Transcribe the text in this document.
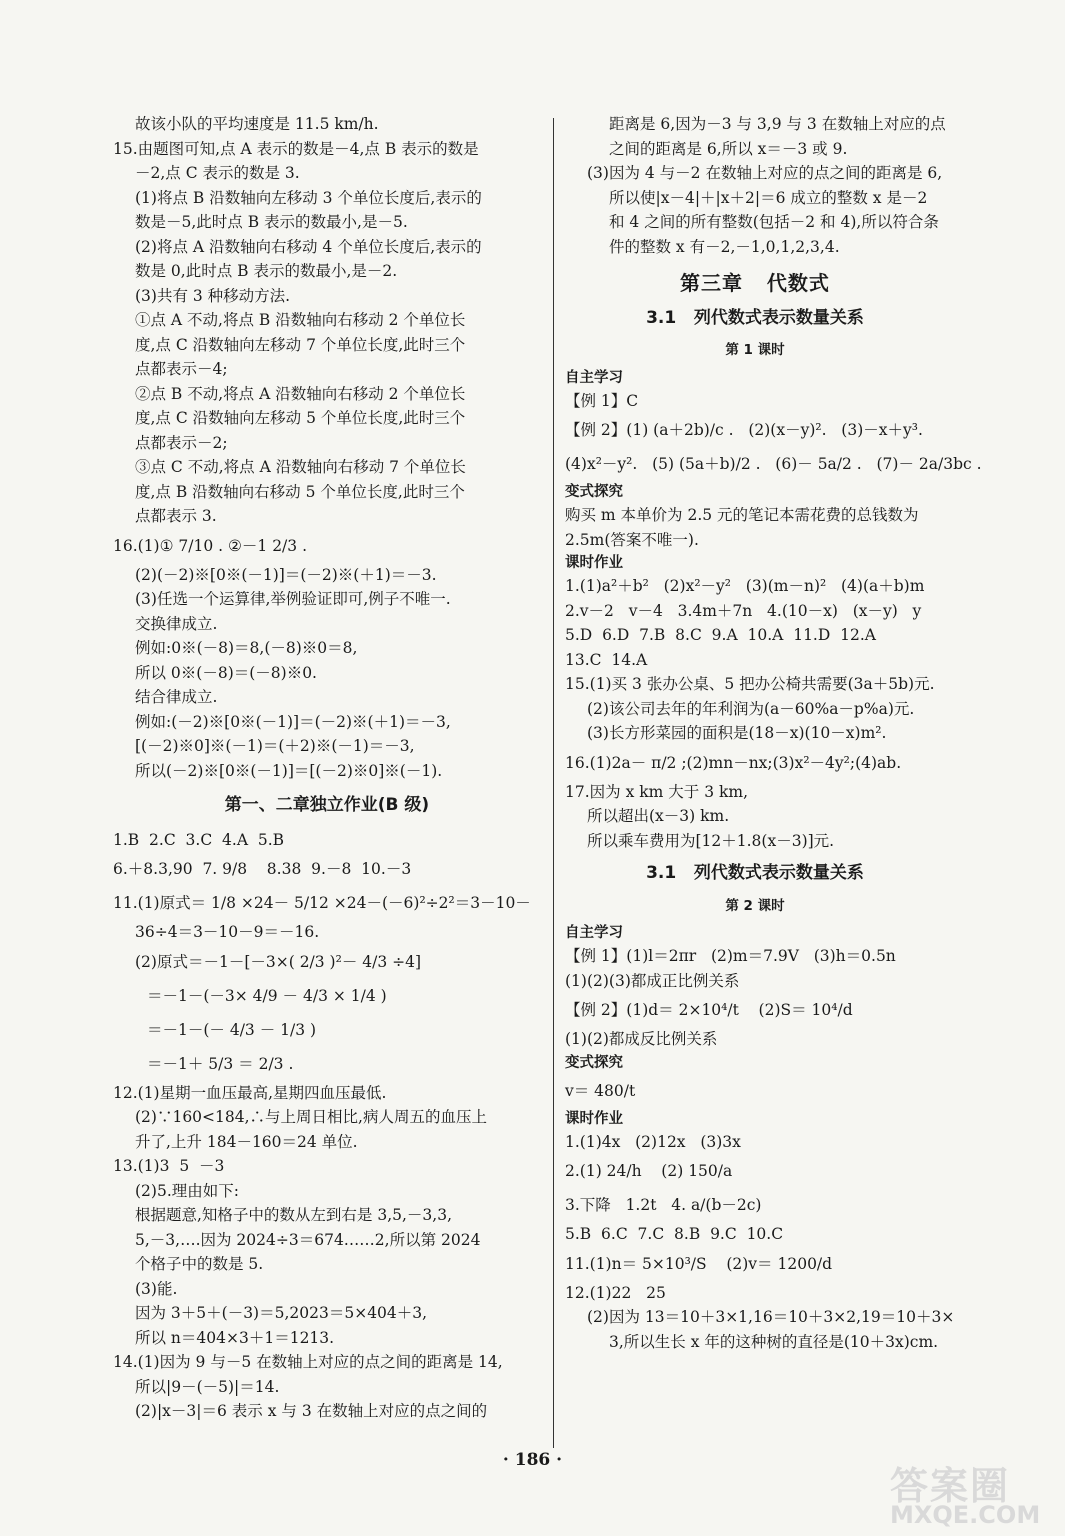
故该小队的平均速度是 11.5 km/h.
15.由题图可知,点 A 表示的数是－4,点 B 表示的数是
－2,点 C 表示的数是 3.
(1)将点 B 沿数轴向左移动 3 个单位长度后,表示的
数是－5,此时点 B 表示的数最小,是－5.
(2)将点 A 沿数轴向右移动 4 个单位长度后,表示的
数是 0,此时点 B 表示的数最小,是－2.
(3)共有 3 种移动方法.
①点 A 不动,将点 B 沿数轴向右移动 2 个单位长
度,点 C 沿数轴向左移动 7 个单位长度,此时三个
点都表示－4;
②点 B 不动,将点 A 沿数轴向右移动 2 个单位长
度,点 C 沿数轴向左移动 5 个单位长度,此时三个
点都表示－2;
③点 C 不动,将点 A 沿数轴向右移动 7 个单位长
度,点 B 沿数轴向右移动 5 个单位长度,此时三个
点都表示 3.
16.(1)① 7/10 . ②－1 2/3 .
(2)(－2)※[0※(－1)]＝(－2)※(＋1)＝－3.
(3)任选一个运算律,举例验证即可,例子不唯一.
交换律成立.
例如:0※(－8)＝8,(－8)※0＝8,
所以 0※(－8)＝(－8)※0.
结合律成立.
例如:(－2)※[0※(－1)]＝(－2)※(＋1)＝－3,
[(－2)※0]※(－1)＝(＋2)※(－1)＝－3,
所以(－2)※[0※(－1)]＝[(－2)※0]※(－1).
第一、二章独立作业(B 级)
1.B  2.C  3.C  4.A  5.B
6.＋8.3,90  7. 9/8    8.38  9.－8  10.－3
11.(1)原式＝ 1/8 ×24－ 5/12 ×24－(－6)²÷2²＝3－10－
36÷4＝3－10－9＝－16.
(2)原式＝－1－[－3×( 2/3 )²－ 4/3 ÷4]
＝－1－(－3× 4/9 － 4/3 × 1/4 )
＝－1－(－ 4/3 － 1/3 )
＝－1＋ 5/3 ＝ 2/3 .
12.(1)星期一血压最高,星期四血压最低.
(2)∵160<184,∴与上周日相比,病人周五的血压上
升了,上升 184－160＝24 单位.
13.(1)3  5  －3
(2)5.理由如下:
根据题意,知格子中的数从左到右是 3,5,－3,3,
5,－3,….因为 2024÷3＝674……2,所以第 2024
个格子中的数是 5.
(3)能.
因为 3＋5＋(－3)＝5,2023＝5×404＋3,
所以 n＝404×3＋1＝1213.
14.(1)因为 9 与－5 在数轴上对应的点之间的距离是 14,
所以|9－(－5)|＝14.
(2)|x－3|＝6 表示 x 与 3 在数轴上对应的点之间的
距离是 6,因为－3 与 3,9 与 3 在数轴上对应的点
之间的距离是 6,所以 x＝－3 或 9.
(3)因为 4 与－2 在数轴上对应的点之间的距离是 6,
所以使|x－4|＋|x＋2|＝6 成立的整数 x 是－2
和 4 之间的所有整数(包括－2 和 4),所以符合条
件的整数 x 有－2,－1,0,1,2,3,4.
第三章   代数式
3.1   列代数式表示数量关系
第 1 课时
自主学习
【例 1】C
【例 2】(1) (a＋2b)/c .   (2)(x－y)².   (3)－x＋y³.
(4)x²－y².   (5) (5a＋b)/2 .   (6)－ 5a/2 .   (7)－ 2a/3bc .
变式探究
购买 m 本单价为 2.5 元的笔记本需花费的总钱数为
2.5m(答案不唯一).
课时作业
1.(1)a²＋b²   (2)x²－y²   (3)(m－n)²   (4)(a＋b)m
2.v－2   v－4   3.4m＋7n   4.(10－x)   (x－y)   y
5.D  6.D  7.B  8.C  9.A  10.A  11.D  12.A
13.C  14.A
15.(1)买 3 张办公桌、5 把办公椅共需要(3a＋5b)元.
(2)该公司去年的年利润为(a－60%a－p%a)元.
(3)长方形菜园的面积是(18－x)(10－x)m².
16.(1)2a－ π/2 ;(2)mn－nx;(3)x²－4y²;(4)ab.
17.因为 x km 大于 3 km,
所以超出(x－3) km.
所以乘车费用为[12＋1.8(x－3)]元.
3.1   列代数式表示数量关系
第 2 课时
自主学习
【例 1】(1)l＝2πr   (2)m＝7.9V   (3)h＝0.5n
(1)(2)(3)都成正比例关系
【例 2】(1)d＝ 2×10⁴/t    (2)S＝ 10⁴/d
(1)(2)都成反比例关系
变式探究
v＝ 480/t
课时作业
1.(1)4x   (2)12x   (3)3x
2.(1) 24/h    (2) 150/a
3.下降   1.2t   4. a/(b－2c)
5.B  6.C  7.C  8.B  9.C  10.C
11.(1)n＝ 5×10³/S    (2)v＝ 1200/d
12.(1)22   25
(2)因为 13＝10＋3×1,16＝10＋3×2,19＝10＋3×
3,所以生长 x 年的这种树的直径是(10＋3x)cm.
· 186 ·
答案圈
MXQE.COM
